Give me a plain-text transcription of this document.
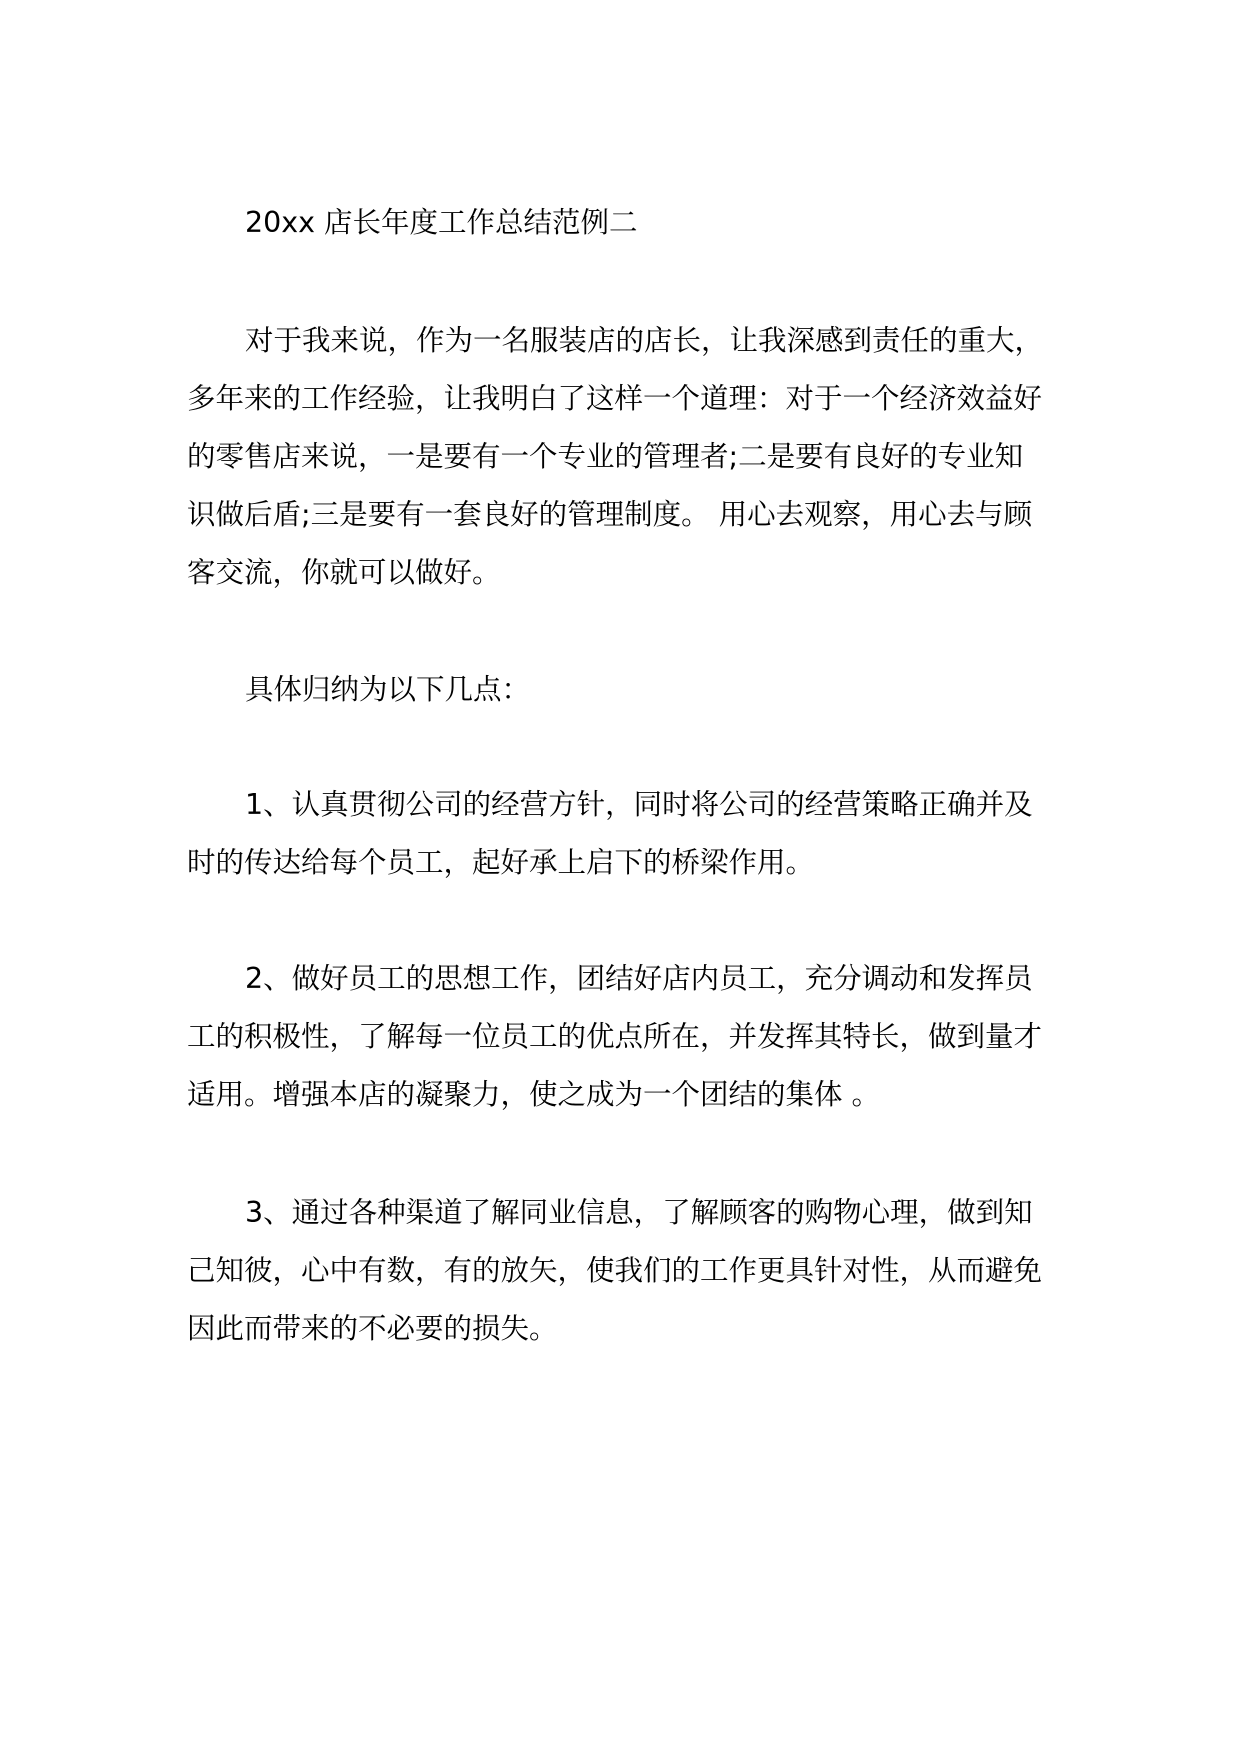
20xx 店长年度工作总结范例二
对于我来说，作为一名服装店的店长，让我深感到责任的重大，
多年来的工作经验，让我明白了这样一个道理：对于一个经济效益好
的零售店来说，一是要有一个专业的管理者;二是要有良好的专业知
识做后盾;三是要有一套良好的管理制度。 用心去观察，用心去与顾
客交流，你就可以做好。
具体归纳为以下几点：
1、认真贯彻公司的经营方针，同时将公司的经营策略正确并及
时的传达给每个员工，起好承上启下的桥梁作用。
2、做好员工的思想工作，团结好店内员工，充分调动和发挥员
工的积极性，了解每一位员工的优点所在，并发挥其特长，做到量才
适用。增强本店的凝聚力，使之成为一个团结的集体 。
3、通过各种渠道了解同业信息，了解顾客的购物心理，做到知
己知彼，心中有数，有的放矢，使我们的工作更具针对性，从而避免
因此而带来的不必要的损失。
